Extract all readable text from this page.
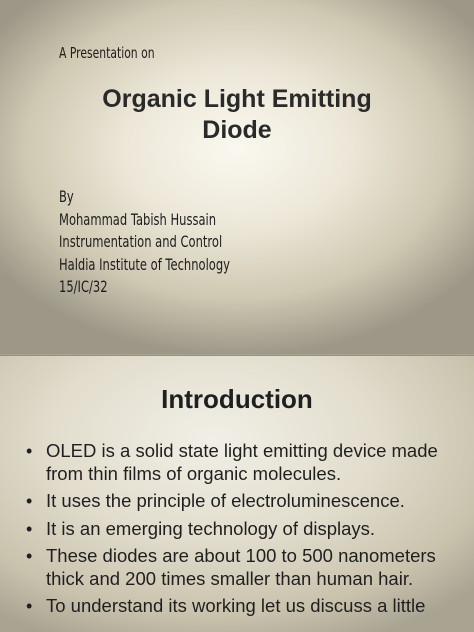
A Presentation on
Organic Light Emitting
Diode
By
Mohammad Tabish Hussain
Instrumentation and Control
Haldia Institute of Technology
15/IC/32
Introduction
• OLED is a solid state light emitting device made from thin films of organic molecules.
• It uses the principle of electroluminescence.
• It is an emerging technology of displays.
• These diodes are about 100 to 500 nanometers thick and 200 times smaller than human hair.
• To understand its working let us discuss a little
